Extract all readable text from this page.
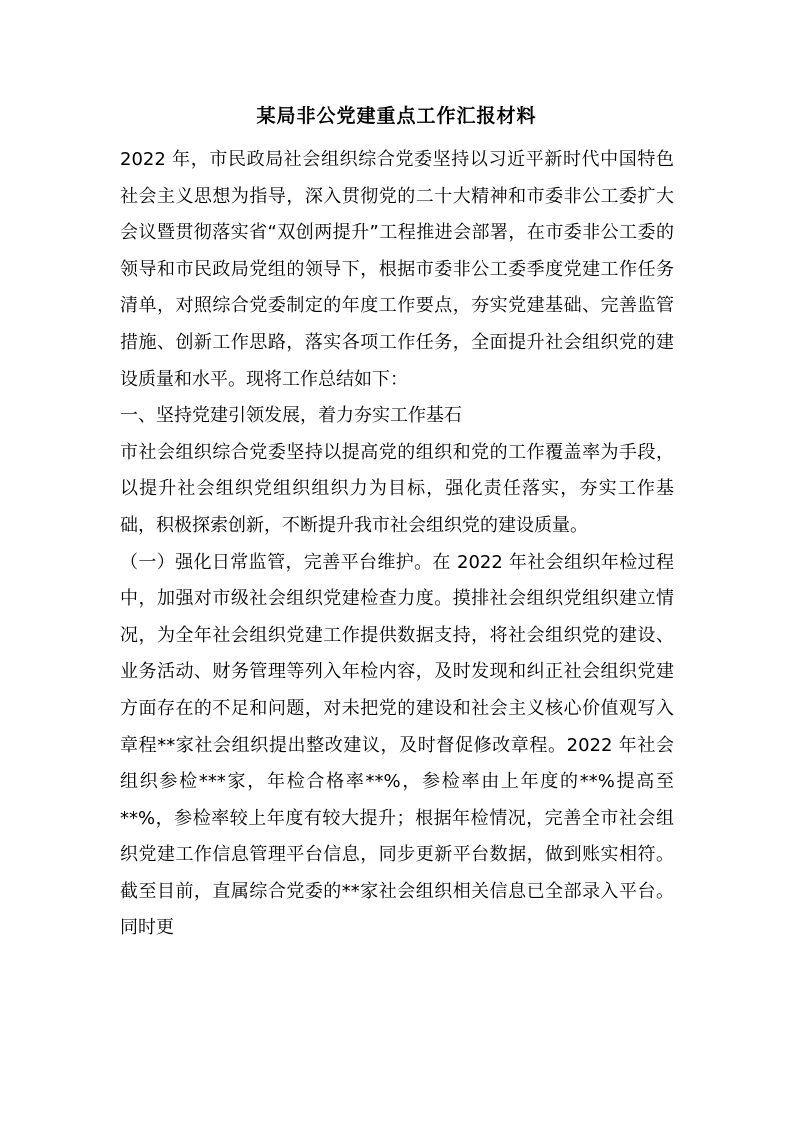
某局非公党建重点工作汇报材料

2022 年，市民政局社会组织综合党委坚持以习近平新时代中国特色社会主义思想为指导，深入贯彻党的二十大精神和市委非公工委扩大会议暨贯彻落实省“双创两提升”工程推进会部署，在市委非公工委的领导和市民政局党组的领导下，根据市委非公工委季度党建工作任务清单，对照综合党委制定的年度工作要点，夯实党建基础、完善监管措施、创新工作思路，落实各项工作任务，全面提升社会组织党的建设质量和水平。现将工作总结如下：

一、坚持党建引领发展，着力夯实工作基石

市社会组织综合党委坚持以提高党的组织和党的工作覆盖率为手段，以提升社会组织党组织组织力为目标，强化责任落实，夯实工作基础，积极探索创新，不断提升我市社会组织党的建设质量。

（一）强化日常监管，完善平台维护。在 2022 年社会组织年检过程中，加强对市级社会组织党建检查力度。摸排社会组织党组织建立情况，为全年社会组织党建工作提供数据支持，将社会组织党的建设、业务活动、财务管理等列入年检内容，及时发现和纠正社会组织党建方面存在的不足和问题，对未把党的建设和社会主义核心价值观写入章程**家社会组织提出整改建议，及时督促修改章程。2022 年社会组织参检***家，年检合格率**%，参检率由上年度的**%提高至**%，参检率较上年度有较大提升；根据年检情况，完善全市社会组织党建工作信息管理平台信息，同步更新平台数据，做到账实相符。截至目前，直属综合党委的**家社会组织相关信息已全部录入平台。同时更
